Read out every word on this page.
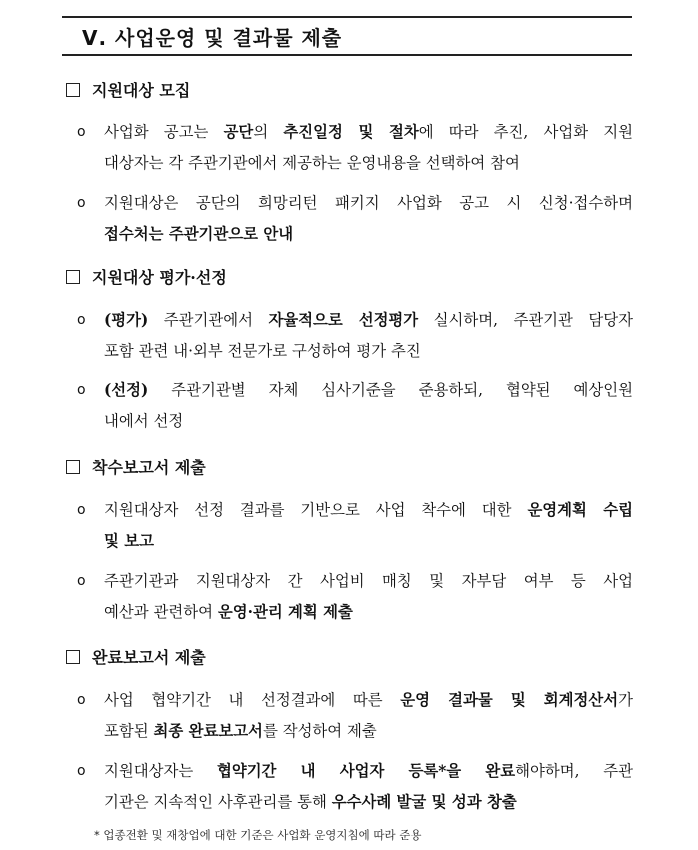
Ⅴ. 사업운영 및 결과물 제출
지원대상 모집
o 사업화 공고는 공단의 추진일정 및 절차에 따라 추진, 사업화 지원
대상자는 각 주관기관에서 제공하는 운영내용을 선택하여 참여
o 지원대상은 공단의 희망리턴 패키지 사업화 공고 시 신청·접수하며
접수처는 주관기관으로 안내
지원대상 평가·선정
o (평가) 주관기관에서 자율적으로 선정평가 실시하며, 주관기관 담당자
포함 관련 내·외부 전문가로 구성하여 평가 추진
o (선정) 주관기관별 자체 심사기준을 준용하되, 협약된 예상인원
내에서 선정
착수보고서 제출
o 지원대상자 선정 결과를 기반으로 사업 착수에 대한 운영계획 수립
및 보고
o 주관기관과 지원대상자 간 사업비 매칭 및 자부담 여부 등 사업
예산과 관련하여 운영·관리 계획 제출
완료보고서 제출
o 사업 협약기간 내 선정결과에 따른 운영 결과물 및 회계정산서가
포함된 최종 완료보고서를 작성하여 제출
o 지원대상자는 협약기간 내 사업자 등록*을 완료해야하며, 주관
기관은 지속적인 사후관리를 통해 우수사례 발굴 및 성과 창출
* 업종전환 및 재창업에 대한 기준은 사업화 운영지침에 따라 준용
